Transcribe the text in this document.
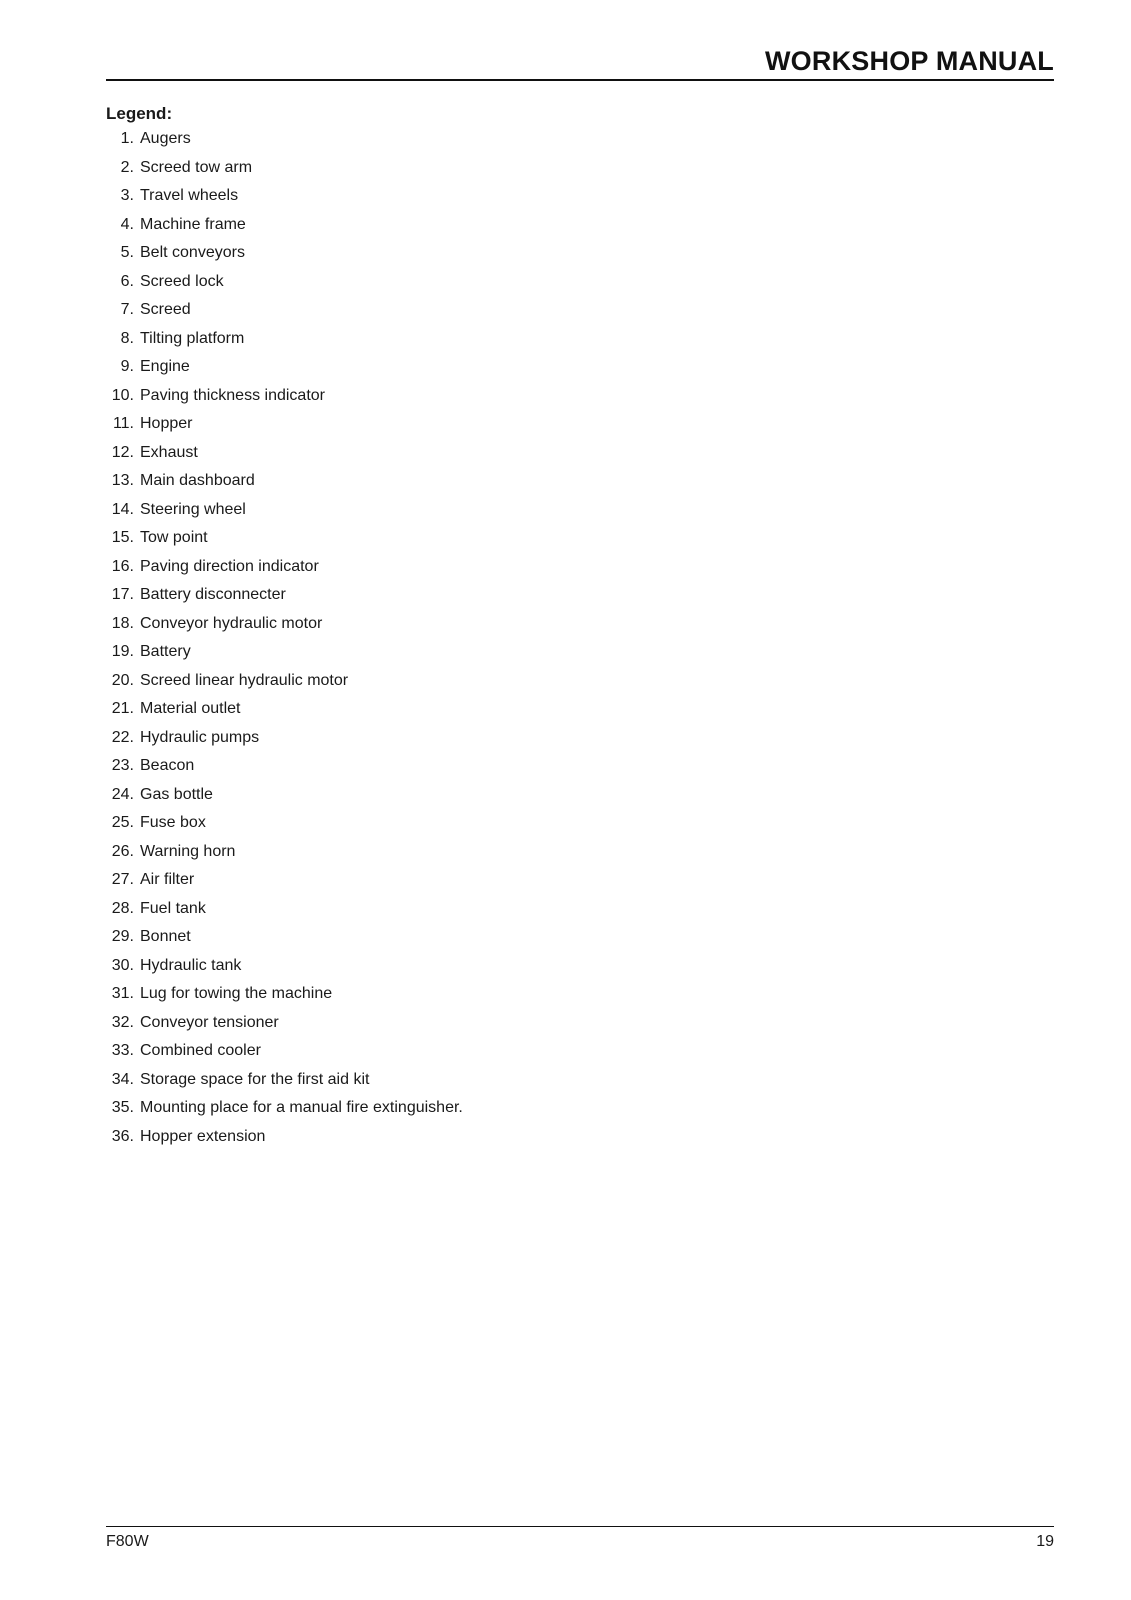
WORKSHOP MANUAL
Legend:
1. Augers
2. Screed tow arm
3. Travel wheels
4. Machine frame
5. Belt conveyors
6. Screed lock
7. Screed
8. Tilting platform
9. Engine
10. Paving thickness indicator
11. Hopper
12. Exhaust
13. Main dashboard
14. Steering wheel
15. Tow point
16. Paving direction indicator
17. Battery disconnecter
18. Conveyor hydraulic motor
19. Battery
20. Screed linear hydraulic motor
21. Material outlet
22. Hydraulic pumps
23. Beacon
24. Gas bottle
25. Fuse box
26. Warning horn
27. Air filter
28. Fuel tank
29. Bonnet
30. Hydraulic tank
31. Lug for towing the machine
32. Conveyor tensioner
33. Combined cooler
34. Storage space for the first aid kit
35. Mounting place for a manual fire extinguisher.
36. Hopper extension
F80W	19
